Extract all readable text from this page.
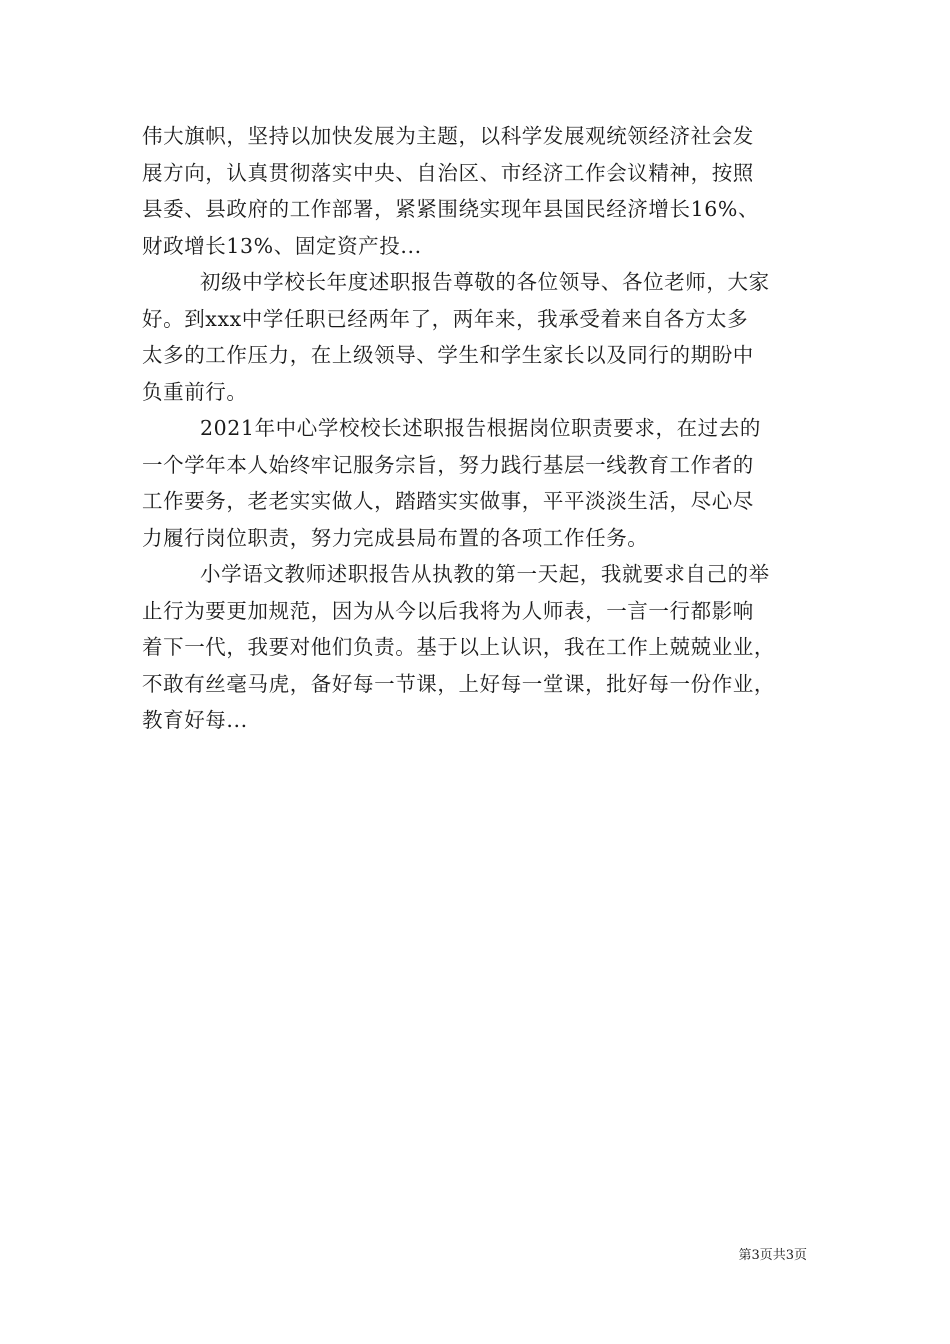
伟大旗帜，坚持以加快发展为主题，以科学发展观统领经济社会发
展方向，认真贯彻落实中央、自治区、市经济工作会议精神，按照
县委、县政府的工作部署，紧紧围绕实现年县国民经济增长16%、
财政增长13%、固定资产投...
初级中学校长年度述职报告尊敬的各位领导、各位老师，大家
好。到xxx中学任职已经两年了，两年来，我承受着来自各方太多
太多的工作压力，在上级领导、学生和学生家长以及同行的期盼中
负重前行。
2021年中心学校校长述职报告根据岗位职责要求，在过去的
一个学年本人始终牢记服务宗旨，努力践行基层一线教育工作者的
工作要务，老老实实做人，踏踏实实做事，平平淡淡生活，尽心尽
力履行岗位职责，努力完成县局布置的各项工作任务。
小学语文教师述职报告从执教的第一天起，我就要求自己的举
止行为要更加规范，因为从今以后我将为人师表，一言一行都影响
着下一代，我要对他们负责。基于以上认识，我在工作上兢兢业业，
不敢有丝毫马虎，备好每一节课，上好每一堂课，批好每一份作业，
教育好每...
第3页共3页
